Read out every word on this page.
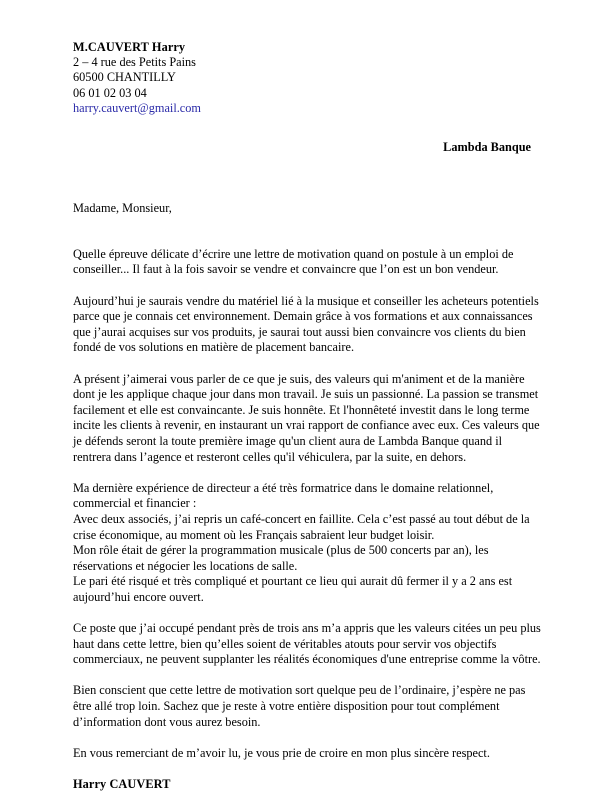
M.CAUVERT Harry
2 – 4 rue des Petits Pains
60500 CHANTILLY
06 01 02 03 04
harry.cauvert@gmail.com
Lambda Banque

Madame, Monsieur,

Quelle épreuve délicate d’écrire une lettre de motivation quand on postule à un emploi de conseiller... Il faut à la fois savoir se vendre et convaincre que l’on est un bon vendeur.

Aujourd’hui je saurais vendre du matériel lié à la musique et conseiller les acheteurs potentiels parce que je connais cet environnement. Demain grâce à vos formations et aux connaissances que j’aurai acquises sur vos produits, je saurai tout aussi bien convaincre vos clients du bien fondé de vos solutions en matière de placement bancaire.

A présent j’aimerai vous parler de ce que je suis, des valeurs qui m'animent et de la manière dont je les applique chaque jour dans mon travail. Je suis un passionné. La passion se transmet facilement et elle est convaincante. Je suis honnête. Et l'honnêteté investit dans le long terme incite les clients à revenir, en instaurant un vrai rapport de confiance avec eux. Ces valeurs que je défends seront la toute première image qu'un client aura de Lambda Banque quand il rentrera dans l’agence et resteront celles qu'il véhiculera, par la suite, en dehors.

Ma dernière expérience de directeur a été très formatrice dans le domaine relationnel, commercial et financier :

Avec deux associés, j’ai repris un café-concert en faillite. Cela c’est passé au tout début de la crise économique, au moment où les Français sabraient leur budget loisir.

Mon rôle était de gérer la programmation musicale (plus de 500 concerts par an), les réservations et négocier les locations de salle.

Le pari été risqué et très compliqué et pourtant ce lieu qui aurait dû fermer il y a 2 ans est aujourd’hui encore ouvert.

Ce poste que j’ai occupé pendant près de trois ans m’a appris que les valeurs citées un peu plus haut dans cette lettre, bien qu’elles soient de véritables atouts pour servir vos objectifs commerciaux, ne peuvent supplanter les réalités économiques d'une entreprise comme la vôtre.

Bien conscient que cette lettre de motivation sort quelque peu de l’ordinaire, j’espère ne pas être allé trop loin. Sachez que je reste à votre entière disposition pour tout complément d’information dont vous aurez besoin.

En vous remerciant de m’avoir lu, je vous prie de croire en mon plus sincère respect.

Harry CAUVERT
